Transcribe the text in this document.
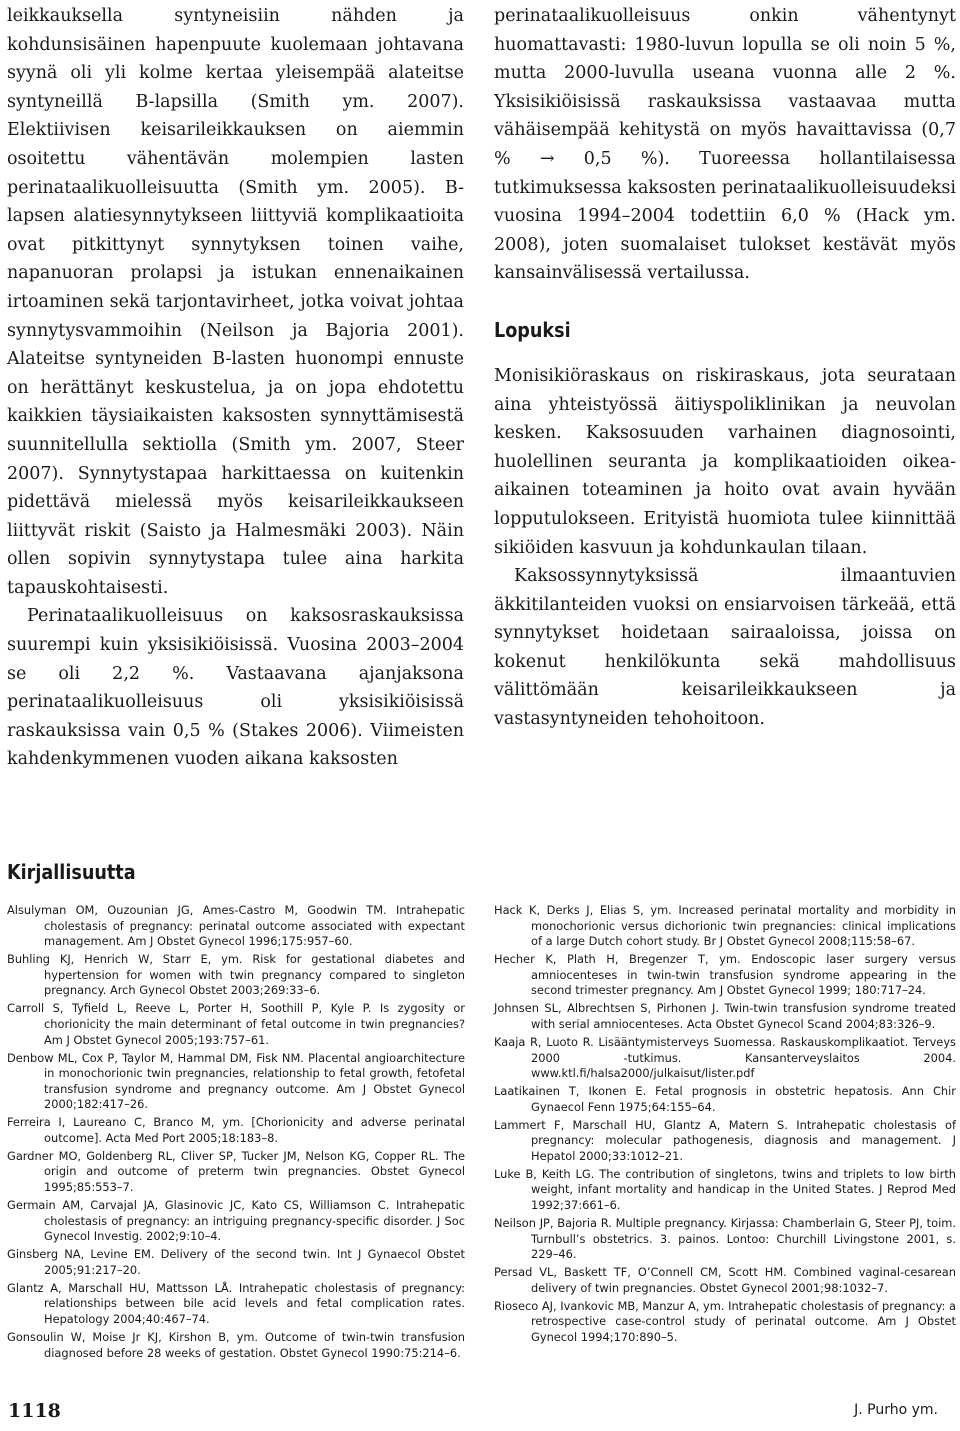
leikkauksella syntyneisiin nähden ja kohdunsisäinen hapenpuute kuolemaan johtavana syynä oli yli kolme kertaa yleisempää alateitse syntyneillä B-lapsilla (Smith ym. 2007). Elektiivisen keisarileikkauksen on aiemmin osoitettu vähentävän molempien lasten perinataalikuolleisuutta (Smith ym. 2005). B-lapsen alatiesynnytykseen liittyviä komplikaatioita ovat pitkittynyt synnytyksen toinen vaihe, napanuoran prolapsi ja istukan ennenaikainen irtoaminen sekä tarjontavirheet, jotka voivat johtaa synnytysvammoihin (Neilson ja Bajoria 2001). Alateitse syntyneiden B-lasten huonompi ennuste on herättänyt keskustelua, ja on jopa ehdotettu kaikkien täysiaikaisten kaksosten synnyttämisestä suunnitellulla sektiolla (Smith ym. 2007, Steer 2007). Synnytystapaa harkittaessa on kuitenkin pidettävä mielessä myös keisarileikkaukseen liittyvät riskit (Saisto ja Halmesmäki 2003). Näin ollen sopivin synnytystapa tulee aina harkita tapauskohtaisesti.

Perinataalikuolleisuus on kaksosraskauksissa suurempi kuin yksisikiöisissä. Vuosina 2003–2004 se oli 2,2 %. Vastaavana ajanjaksona perinataalikuolleisuus oli yksisikiöisissä raskauksissa vain 0,5 % (Stakes 2006). Viimeisten kahdenkymmenen vuoden aikana kaksosten

perinataalikuolleisuus onkin vähentynyt huomattavasti: 1980-luvun lopulla se oli noin 5 %, mutta 2000-luvulla useana vuonna alle 2 %. Yksisikiöisissä raskauksissa vastaavaa mutta vähäisempää kehitystä on myös havaittavissa (0,7 % → 0,5 %). Tuoreessa hollantilaisessa tutkimuksessa kaksosten perinataalikuolleisuudeksi vuosina 1994–2004 todettiin 6,0 % (Hack ym. 2008), joten suomalaiset tulokset kestävät myös kansainvälisessä vertailussa.

Lopuksi

Monisikiöraskaus on riskiraskaus, jota seurataan aina yhteistyössä äitiyspoliklinikan ja neuvolan kesken. Kaksosuuden varhainen diagnosointi, huolellinen seuranta ja komplikaatioiden oikea-aikainen toteaminen ja hoito ovat avain hyvään lopputulokseen. Erityistä huomiota tulee kiinnittää sikiöiden kasvuun ja kohdunkaulan tilaan.

Kaksossynnytyksissä ilmaantuvien äkkitilanteiden vuoksi on ensiarvoisen tärkeää, että synnytykset hoidetaan sairaaloissa, joissa on kokenut henkilökunta sekä mahdollisuus välittömään keisarileikkaukseen ja vastasyntyneiden tehohoitoon.

Kirjallisuutta

Alsulyman OM, Ouzounian JG, Ames-Castro M, Goodwin TM. Intrahepatic cholestasis of pregnancy: perinatal outcome associated with expectant management. Am J Obstet Gynecol 1996;175:957–60.

Buhling KJ, Henrich W, Starr E, ym. Risk for gestational diabetes and hypertension for women with twin pregnancy compared to singleton pregnancy. Arch Gynecol Obstet 2003;269:33–6.

Carroll S, Tyfield L, Reeve L, Porter H, Soothill P, Kyle P. Is zygosity or chorionicity the main determinant of fetal outcome in twin pregnancies? Am J Obstet Gynecol 2005;193:757–61.

Denbow ML, Cox P, Taylor M, Hammal DM, Fisk NM. Placental angioarchitecture in monochorionic twin pregnancies, relationship to fetal growth, fetofetal transfusion syndrome and pregnancy outcome. Am J Obstet Gynecol 2000;182:417–26.

Ferreira I, Laureano C, Branco M, ym. [Chorionicity and adverse perinatal outcome]. Acta Med Port 2005;18:183–8.

Gardner MO, Goldenberg RL, Cliver SP, Tucker JM, Nelson KG, Copper RL. The origin and outcome of preterm twin pregnancies. Obstet Gynecol 1995;85:553–7.

Germain AM, Carvajal JA, Glasinovic JC, Kato CS, Williamson C. Intrahepatic cholestasis of pregnancy: an intriguing pregnancy-specific disorder. J Soc Gynecol Investig. 2002;9:10–4.

Ginsberg NA, Levine EM. Delivery of the second twin. Int J Gynaecol Obstet 2005;91:217–20.

Glantz A, Marschall HU, Mattsson LÅ. Intrahepatic cholestasis of pregnancy: relationships between bile acid levels and fetal complication rates. Hepatology 2004;40:467–74.

Gonsoulin W, Moise Jr KJ, Kirshon B, ym. Outcome of twin-twin transfusion diagnosed before 28 weeks of gestation. Obstet Gynecol 1990:75:214–6.

Hack K, Derks J, Elias S, ym. Increased perinatal mortality and morbidity in monochorionic versus dichorionic twin pregnancies: clinical implications of a large Dutch cohort study. Br J Obstet Gynecol 2008;115:58–67.

Hecher K, Plath H, Bregenzer T, ym. Endoscopic laser surgery versus amniocenteses in twin-twin transfusion syndrome appearing in the second trimester pregnancy. Am J Obstet Gynecol 1999; 180:717–24.

Johnsen SL, Albrechtsen S, Pirhonen J. Twin-twin transfusion syndrome treated with serial amniocenteses. Acta Obstet Gynecol Scand 2004;83:326–9.

Kaaja R, Luoto R. Lisääntymisterveys Suomessa. Raskauskomplikaatiot. Terveys 2000 -tutkimus. Kansanterveyslaitos 2004. www.ktl.fi/halsa2000/julkaisut/lister.pdf

Laatikainen T, Ikonen E. Fetal prognosis in obstetric hepatosis. Ann Chir Gynaecol Fenn 1975;64:155–64.

Lammert F, Marschall HU, Glantz A, Matern S. Intrahepatic cholestasis of pregnancy: molecular pathogenesis, diagnosis and management. J Hepatol 2000;33:1012–21.

Luke B, Keith LG. The contribution of singletons, twins and triplets to low birth weight, infant mortality and handicap in the United States. J Reprod Med 1992;37:661–6.

Neilson JP, Bajoria R. Multiple pregnancy. Kirjassa: Chamberlain G, Steer PJ, toim. Turnbull’s obstetrics. 3. painos. Lontoo: Churchill Livingstone 2001, s. 229–46.

Persad VL, Baskett TF, O’Connell CM, Scott HM. Combined vaginal-cesarean delivery of twin pregnancies. Obstet Gynecol 2001;98:1032–7.

Rioseco AJ, Ivankovic MB, Manzur A, ym. Intrahepatic cholestasis of pregnancy: a retrospective case-control study of perinatal outcome. Am J Obstet Gynecol 1994;170:890–5.

1118	J. Purho ym.
